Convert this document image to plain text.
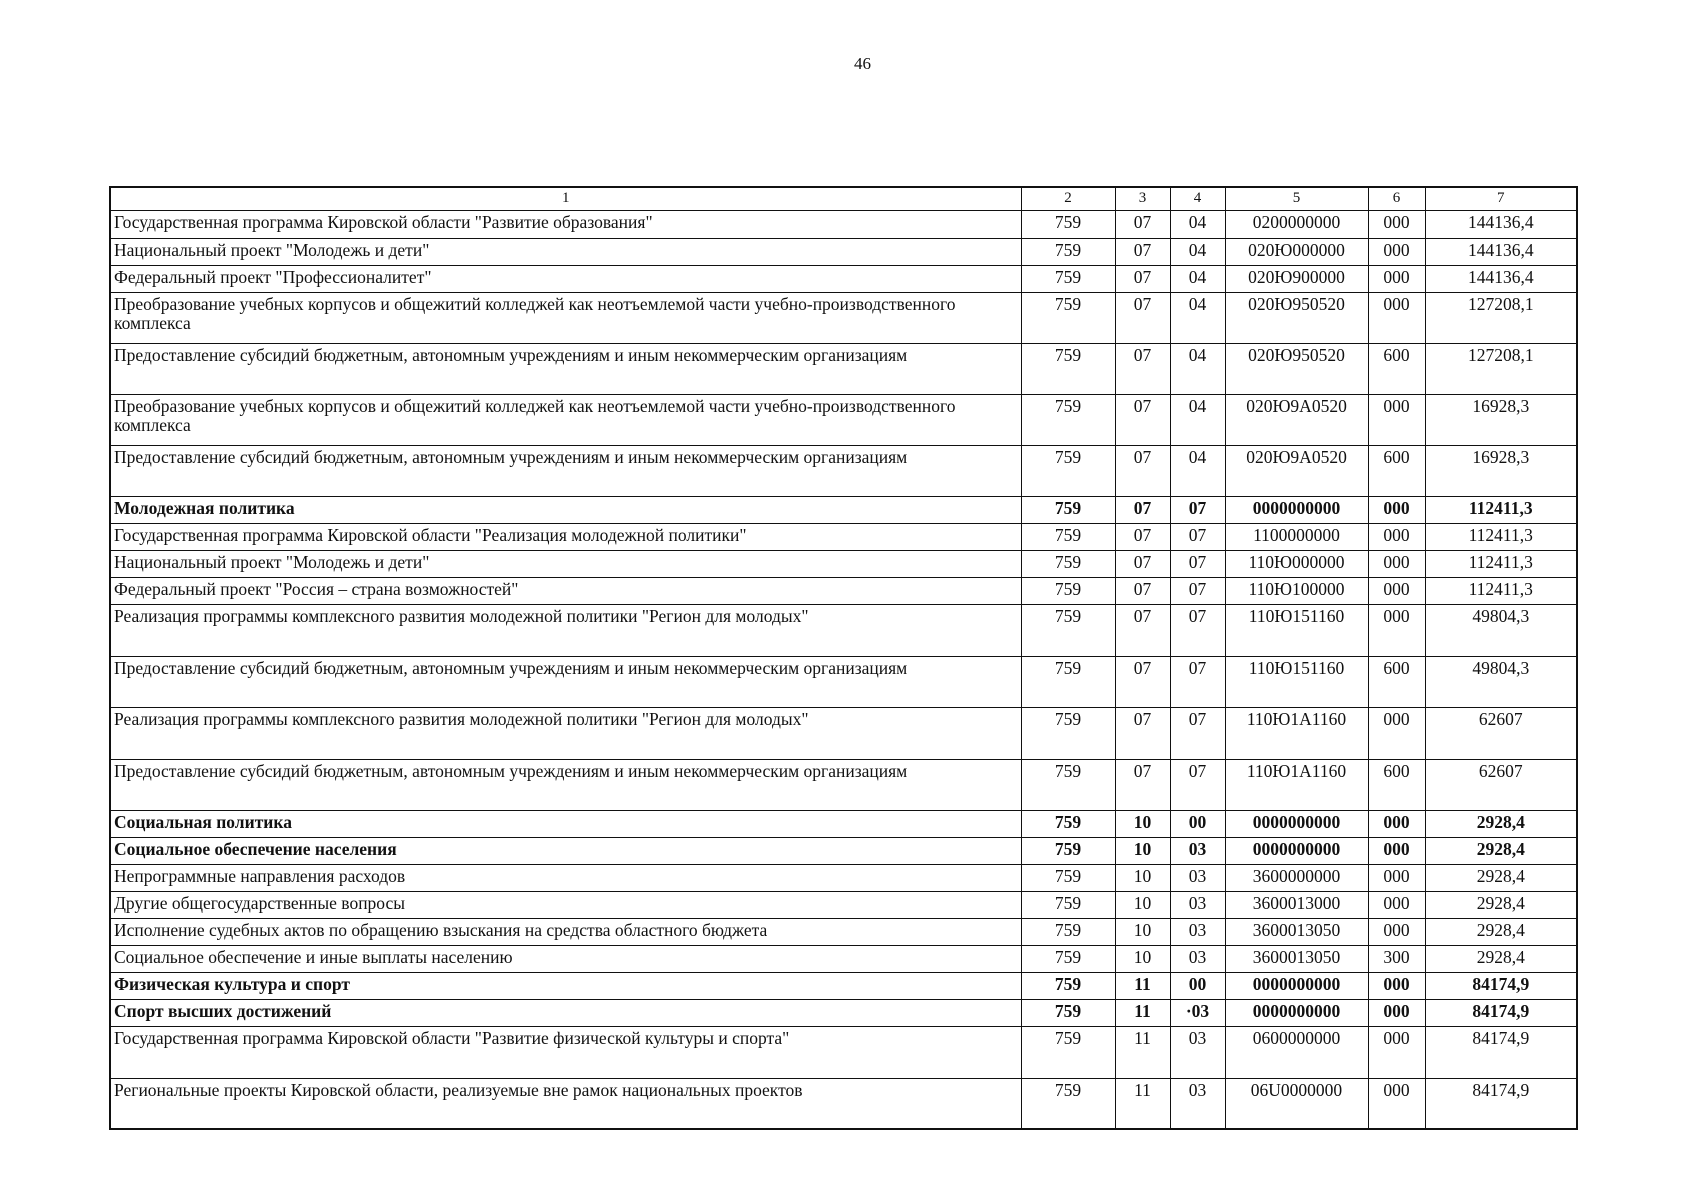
46
1	2	3	4	5	6	7
Государственная программа Кировской области "Развитие образования"	759	07	04	0200000000	000	144136,4
Национальный проект "Молодежь и дети"	759	07	04	020Ю000000	000	144136,4
Федеральный проект "Профессионалитет"	759	07	04	020Ю900000	000	144136,4
Преобразование учебных корпусов и общежитий колледжей как неотъемлемой части учебно-производственного комплекса	759	07	04	020Ю950520	000	127208,1
Предоставление субсидий бюджетным, автономным учреждениям и иным некоммерческим организациям	759	07	04	020Ю950520	600	127208,1
Преобразование учебных корпусов и общежитий колледжей как неотъемлемой части учебно-производственного комплекса	759	07	04	020Ю9А0520	000	16928,3
Предоставление субсидий бюджетным, автономным учреждениям и иным некоммерческим организациям	759	07	04	020Ю9А0520	600	16928,3
Молодежная политика	759	07	07	0000000000	000	112411,3
Государственная программа Кировской области "Реализация молодежной политики"	759	07	07	1100000000	000	112411,3
Национальный проект "Молодежь и дети"	759	07	07	110Ю000000	000	112411,3
Федеральный проект "Россия – страна возможностей"	759	07	07	110Ю100000	000	112411,3
Реализация программы комплексного развития молодежной политики "Регион для молодых"	759	07	07	110Ю151160	000	49804,3
Предоставление субсидий бюджетным, автономным учреждениям и иным некоммерческим организациям	759	07	07	110Ю151160	600	49804,3
Реализация программы комплексного развития молодежной политики "Регион для молодых"	759	07	07	110Ю1А1160	000	62607
Предоставление субсидий бюджетным, автономным учреждениям и иным некоммерческим организациям	759	07	07	110Ю1А1160	600	62607
Социальная политика	759	10	00	0000000000	000	2928,4
Социальное обеспечение населения	759	10	03	0000000000	000	2928,4
Непрограммные направления расходов	759	10	03	3600000000	000	2928,4
Другие общегосударственные вопросы	759	10	03	3600013000	000	2928,4
Исполнение судебных актов по обращению взыскания на средства областного бюджета	759	10	03	3600013050	000	2928,4
Социальное обеспечение и иные выплаты населению	759	10	03	3600013050	300	2928,4
Физическая культура и спорт	759	11	00	0000000000	000	84174,9
Спорт высших достижений	759	11	·03	0000000000	000	84174,9
Государственная программа Кировской области "Развитие физической культуры и спорта"	759	11	03	0600000000	000	84174,9
Региональные проекты Кировской области, реализуемые вне рамок национальных проектов	759	11	03	06U0000000	000	84174,9
